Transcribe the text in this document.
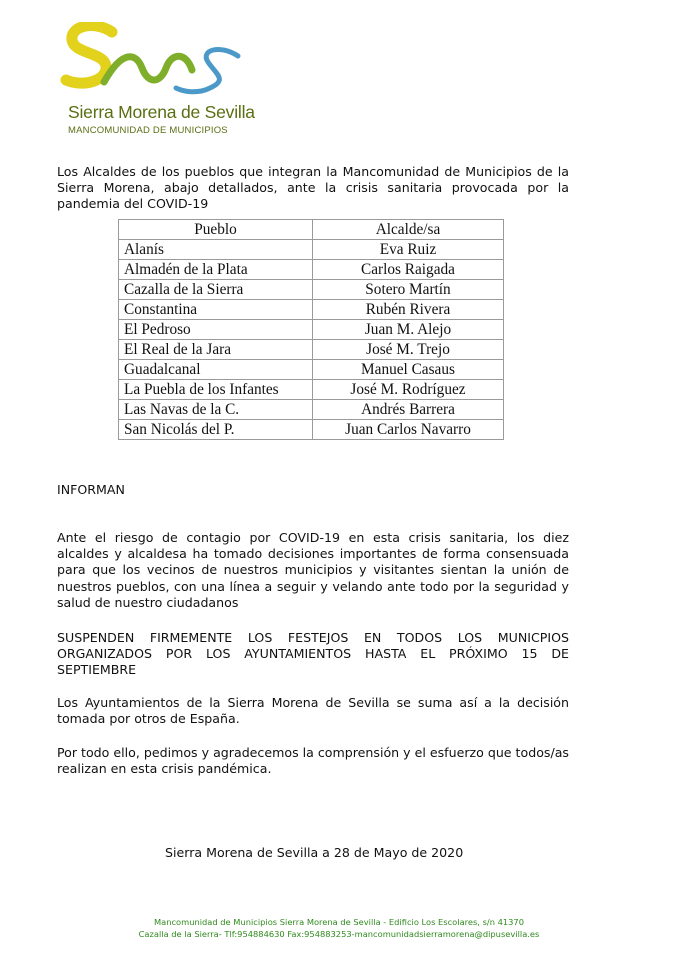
Sierra Morena de Sevilla
MANCOMUNIDAD DE MUNICIPIOS

Los Alcaldes de los pueblos que integran la Mancomunidad de Municipios de la Sierra Morena, abajo detallados, ante la crisis sanitaria provocada por la pandemia del COVID-19

Pueblo	Alcalde/sa
Alanís	Eva Ruiz
Almadén de la Plata	Carlos Raigada
Cazalla de la Sierra	Sotero Martín
Constantina	Rubén Rivera
El Pedroso	Juan M. Alejo
El Real de la Jara	José M. Trejo
Guadalcanal	Manuel Casaus
La Puebla de los Infantes	José M. Rodríguez
Las Navas de la C.	Andrés Barrera
San Nicolás del P.	Juan Carlos Navarro

INFORMAN

Ante el riesgo de contagio por COVID-19 en esta crisis sanitaria, los diez alcaldes y alcaldesa ha tomado decisiones importantes de forma consensuada para que los vecinos de nuestros municipios y visitantes sientan la unión de nuestros pueblos, con una línea a seguir y velando ante todo por la seguridad y salud de nuestro ciudadanos

SUSPENDEN FIRMEMENTE LOS FESTEJOS EN TODOS LOS MUNICPIOS ORGANIZADOS POR LOS AYUNTAMIENTOS HASTA EL PRÓXIMO 15 DE SEPTIEMBRE

Los Ayuntamientos de la Sierra Morena de Sevilla se suma así a la decisión tomada por otros de España.

Por todo ello, pedimos y agradecemos la comprensión y el esfuerzo que todos/as realizan en esta crisis pandémica.

Sierra Morena de Sevilla a 28 de Mayo de 2020

Mancomunidad de Municipios Sierra Morena de Sevilla - Edificio Los Escolares, s/n 41370

Cazalla de la Sierra- Tlf:954884630 Fax:954883253-mancomunidadsierramorena@dipusevilla.es
